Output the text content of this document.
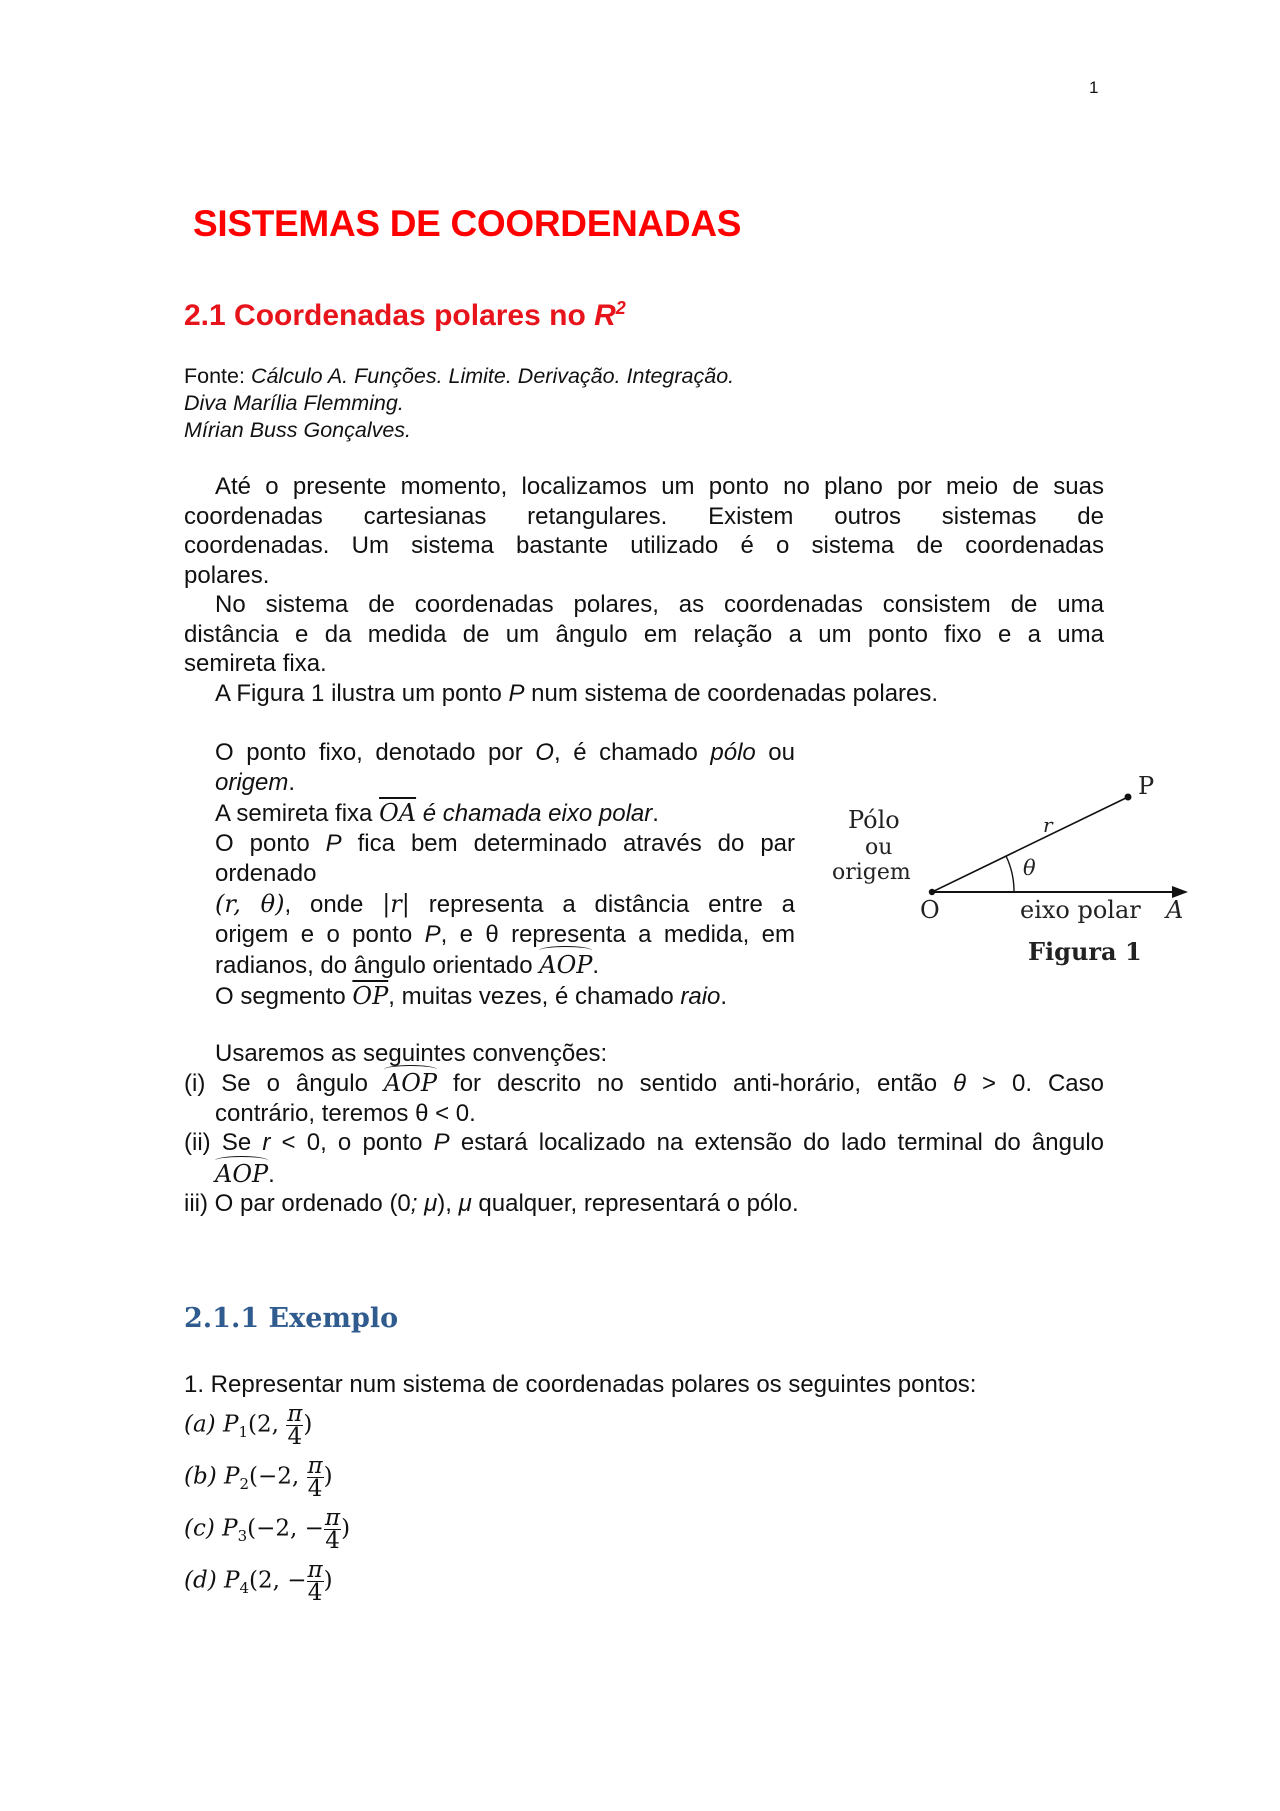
1
SISTEMAS DE COORDENADAS
2.1 Coordenadas polares no $R^2$
Fonte: Cálculo A. Funções. Limite. Derivação. Integração.
Diva Marília Flemming.
Mírian Buss Gonçalves.
Até o presente momento, localizamos um ponto no plano por meio de suas
coordenadas cartesianas retangulares. Existem outros sistemas de
coordenadas. Um sistema bastante utilizado é o sistema de coordenadas
polares.
No sistema de coordenadas polares, as coordenadas consistem de uma
distância e da medida de um ângulo em relação a um ponto fixo e a uma
semireta fixa.
A Figura 1 ilustra um ponto P num sistema de coordenadas polares.
O ponto fixo, denotado por O, é chamado pólo ou
origem.
A semireta fixa $\overline{OA}$ é chamada eixo polar.
O ponto P fica bem determinado através do par
ordenado
(r, θ), onde |r| representa a distância entre a
origem e o ponto P, e θ representa a medida, em
radianos, do ângulo orientado AOP.
O segmento $\overline{OP}$, muitas vezes, é chamado raio.
Pólo
ou
origem
O	eixo polar A
P
r
θ
Figura 1
Usaremos as seguintes convenções:
(i) Se o ângulo AOP for descrito no sentido anti-horário, então θ > 0. Caso
contrário, teremos θ < 0.
(ii) Se r < 0, o ponto P estará localizado na extensão do lado terminal do ângulo
AOP.
iii) O par ordenado (0; μ), μ qualquer, representará o pólo.
2.1.1 Exemplo
1. Representar num sistema de coordenadas polares os seguintes pontos:
(a) $P_1(2$, $\frac{\pi}{4}$ )
(b) $P_2(-2$, $\frac{\pi}{4}$ )
(c) $P_3(-2$, − $\frac{\pi}{4}$ )
(d) $P_4(2$, − $\frac{\pi}{4}$ )
